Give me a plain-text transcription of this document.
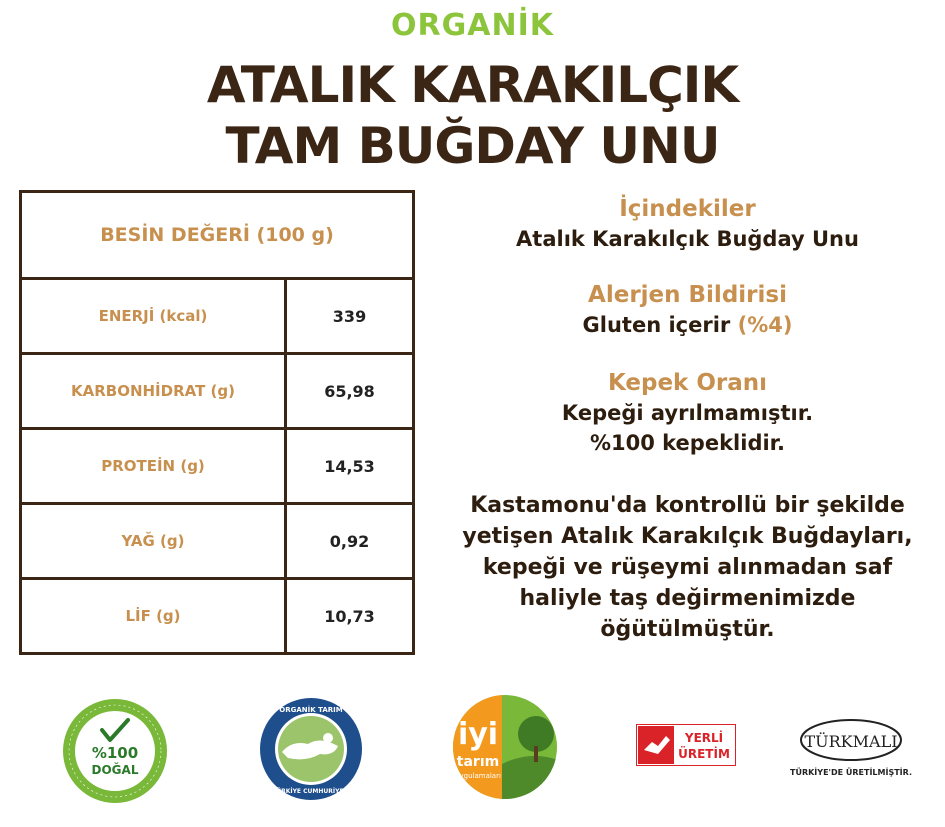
ORGANİK
ATALIK KARAKILÇIK
TAM BUĞDAY UNU
BESİN DEĞERİ (100 g)	
ENERJİ (kcal)	339
KARBONHİDRAT (g)	65,98
PROTEİN (g)	14,53
YAĞ (g)	0,92
LİF (g)	10,73
İçindekiler
Atalık Karakılçık Buğday Unu
Alerjen Bildirisi
Gluten içerir (%4)
Kepek Oranı
Kepeği ayrılmamıştır.
%100 kepeklidir.
Kastamonu'da kontrollü bir şekilde
yetişen Atalık Karakılçık Buğdayları,
kepeği ve rüşeymi alınmadan saf
haliyle taş değirmenimizde
öğütülmüştür.
%100
DOĞAL
ORGANİK TARIM
TÜRKİYE CUMHURİYETİ
iyi
tarım
uygulamaları
YERLİ
ÜRETİM
TÜRKMALI
TÜRKİYE'DE ÜRETİLMİŞTİR.
